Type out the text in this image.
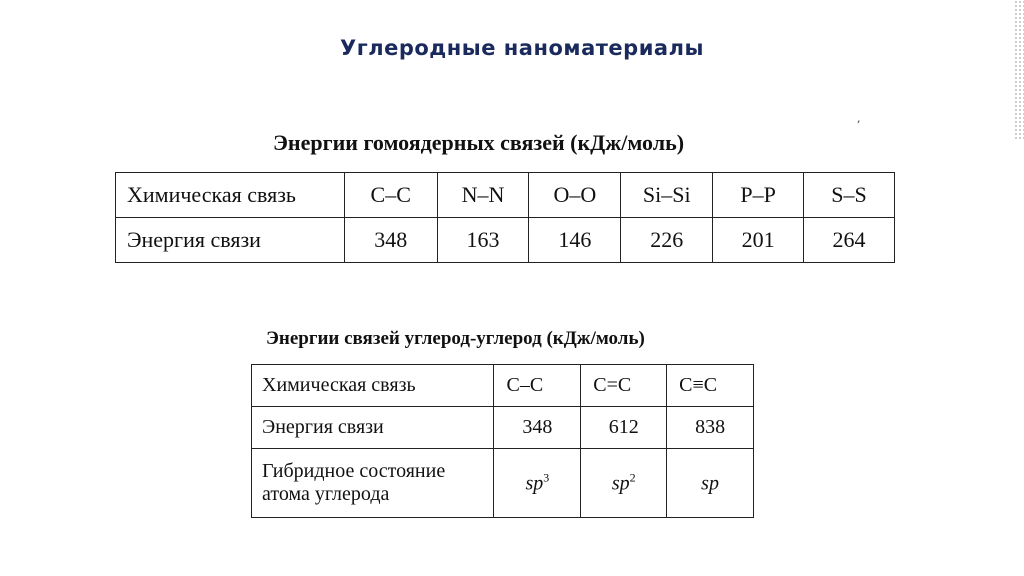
Углеродные наноматериалы
,
Энергии гомоядерных связей (кДж/моль)
Химическая связь	C–C	N–N	O–O	Si–Si	P–P	S–S
Энергия связи	348	163	146	226	201	264
Энергии связей углерод-углерод (кДж/моль)
Химическая связь	C–C	C=C	C≡C
Энергия связи	348	612	838
Гибридное состояние
атома углерода	$sp^3$	$sp^2$	sp
